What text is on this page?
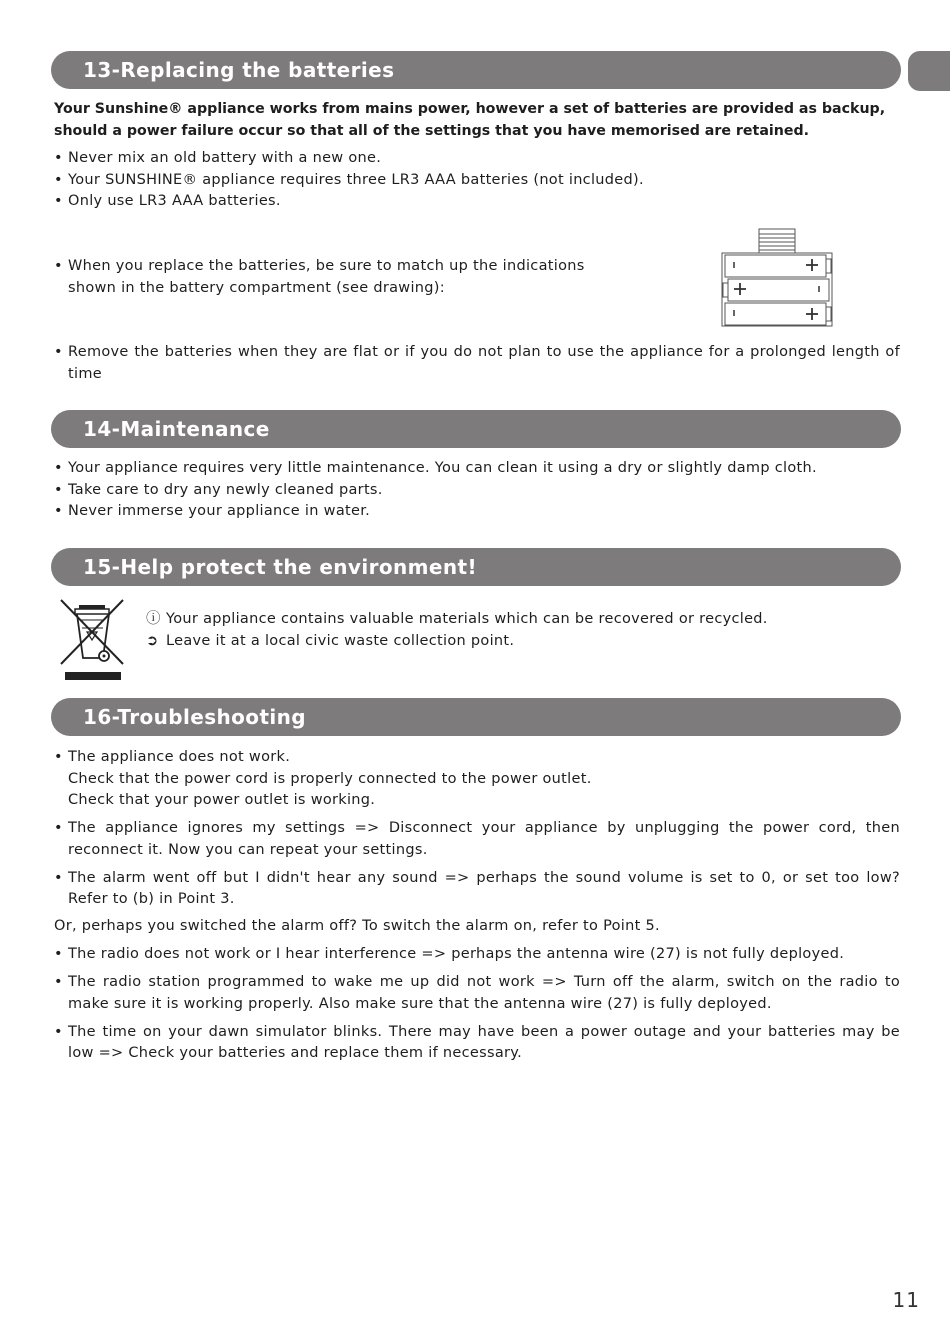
13-Replacing the batteries
Your Sunshine® appliance works from mains power, however a set of batteries are provided as backup, should a power failure occur so that all of the settings that you have memorised are retained.
• Never mix an old battery with a new one.
• Your SUNSHINE® appliance requires three LR3 AAA batteries (not included).
• Only use LR3 AAA batteries.
• When you replace the batteries, be sure to match up the indications
shown in the battery compartment (see drawing):
• Remove the batteries when they are flat or if you do not plan to use the appliance for a prolonged length of time
14-Maintenance
• Your appliance requires very little maintenance. You can clean it using a dry or slightly damp cloth.
• Take care to dry any newly cleaned parts.
• Never immerse your appliance in water.
15-Help protect the environment!
ⓘ Your appliance contains valuable materials which can be recovered or recycled.
➲ Leave it at a local civic waste collection point.
16-Troubleshooting
• The appliance does not work.
Check that the power cord is properly connected to the power outlet.
Check that your power outlet is working.
• The appliance ignores my settings => Disconnect your appliance by unplugging the power cord, then reconnect it. Now you can repeat your settings.
• The alarm went off but I didn't hear any sound => perhaps the sound volume is set to 0, or set too low? Refer to (b) in Point 3.
Or, perhaps you switched the alarm off? To switch the alarm on, refer to Point 5.
• The radio does not work or I hear interference => perhaps the antenna wire (27) is not fully deployed.
• The radio station programmed to wake me up did not work => Turn off the alarm, switch on the radio to make sure it is working properly. Also make sure that the antenna wire (27) is fully deployed.
• The time on your dawn simulator blinks. There may have been a power outage and your batteries may be low => Check your batteries and replace them if necessary.
11
